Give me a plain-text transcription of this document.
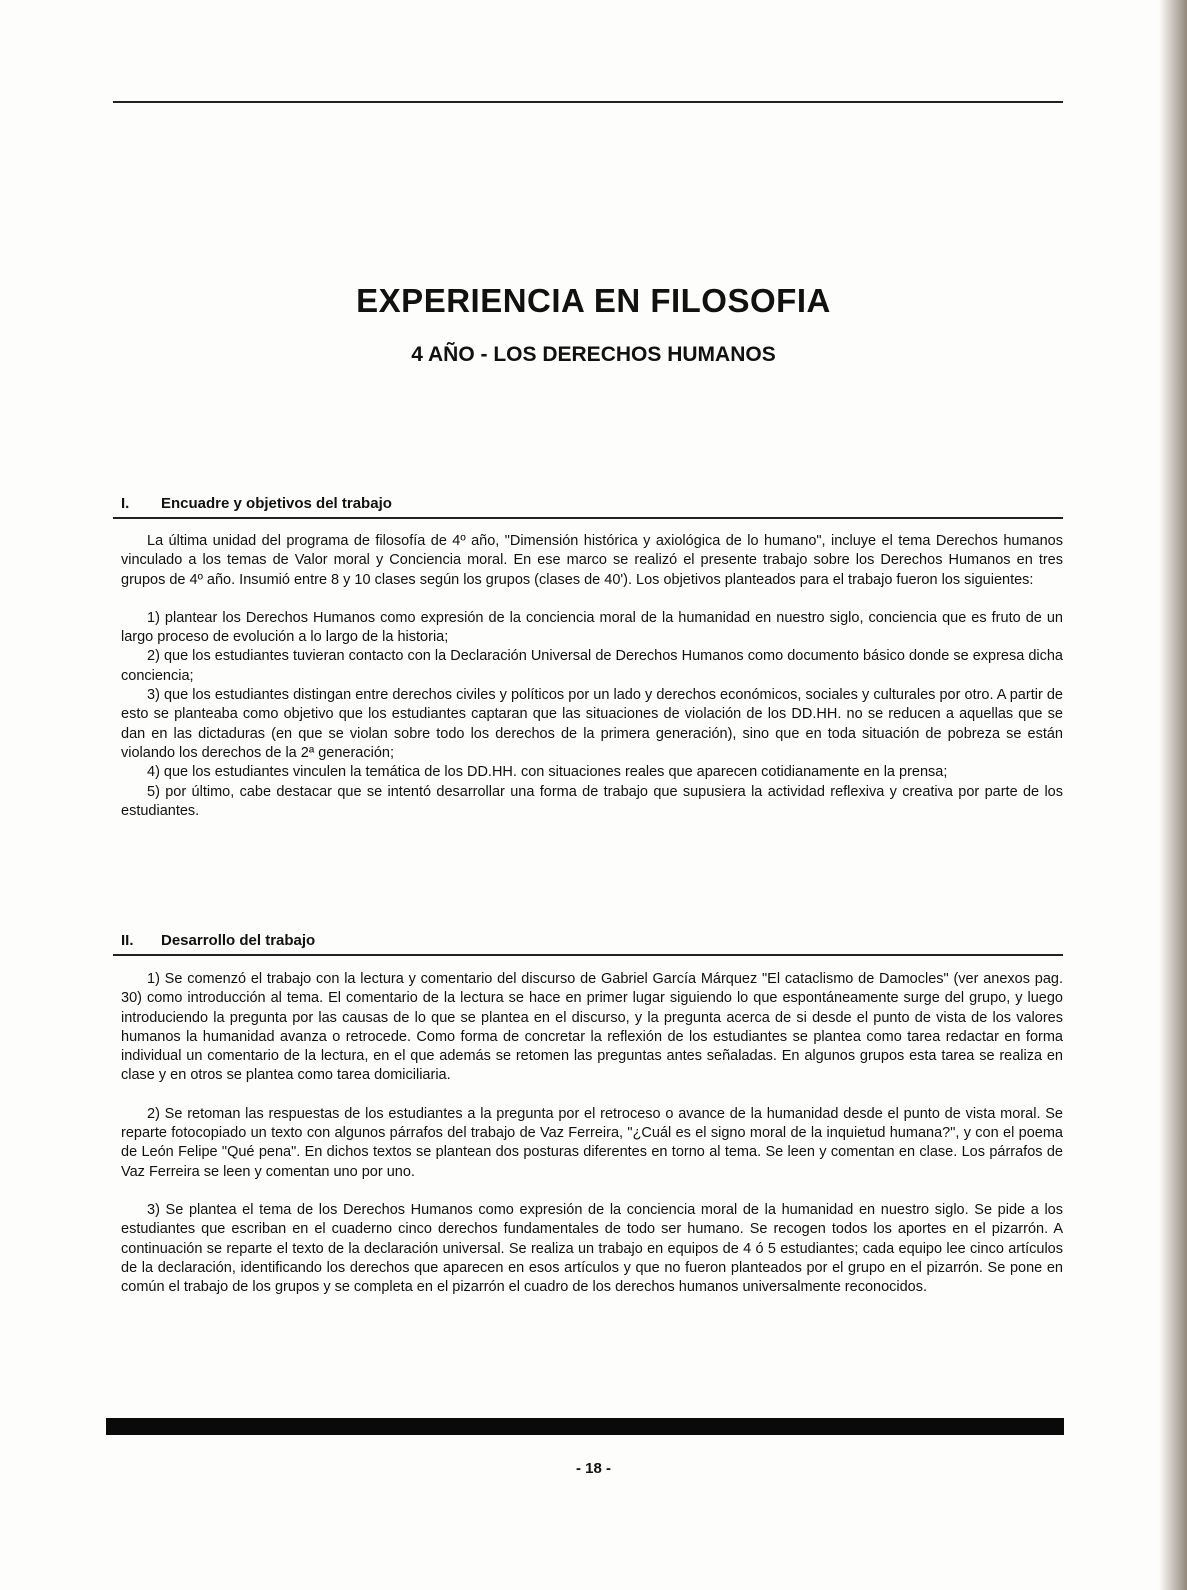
EXPERIENCIA EN FILOSOFIA
4 AÑO - LOS DERECHOS HUMANOS
I. Encuadre y objetivos del trabajo

La última unidad del programa de filosofía de 4º año, "Dimensión histórica y axiológica de lo humano", incluye el tema Derechos humanos vinculado a los temas de Valor moral y Conciencia moral. En ese marco se realizó el presente trabajo sobre los Derechos Humanos en tres grupos de 4º año. Insumió entre 8 y 10 clases según los grupos (clases de 40'). Los objetivos planteados para el trabajo fueron los siguientes:

1) plantear los Derechos Humanos como expresión de la conciencia moral de la humanidad en nuestro siglo, conciencia que es fruto de un largo proceso de evolución a lo largo de la historia;

2) que los estudiantes tuvieran contacto con la Declaración Universal de Derechos Humanos como documento básico donde se expresa dicha conciencia;

3) que los estudiantes distingan entre derechos civiles y políticos por un lado y derechos económicos, sociales y culturales por otro. A partir de esto se planteaba como objetivo que los estudiantes captaran que las situaciones de violación de los DD.HH. no se reducen a aquellas que se dan en las dictaduras (en que se violan sobre todo los derechos de la primera generación), sino que en toda situación de pobreza se están violando los derechos de la 2ª generación;

4) que los estudiantes vinculen la temática de los DD.HH. con situaciones reales que aparecen cotidianamente en la prensa;

5) por último, cabe destacar que se intentó desarrollar una forma de trabajo que supusiera la actividad reflexiva y creativa por parte de los estudiantes.

II. Desarrollo del trabajo

1) Se comenzó el trabajo con la lectura y comentario del discurso de Gabriel García Márquez "El cataclismo de Damocles" (ver anexos pag. 30) como introducción al tema. El comentario de la lectura se hace en primer lugar siguiendo lo que espontáneamente surge del grupo, y luego introduciendo la pregunta por las causas de lo que se plantea en el discurso, y la pregunta acerca de si desde el punto de vista de los valores humanos la humanidad avanza o retrocede. Como forma de concretar la reflexión de los estudiantes se plantea como tarea redactar en forma individual un comentario de la lectura, en el que además se retomen las preguntas antes señaladas. En algunos grupos esta tarea se realiza en clase y en otros se plantea como tarea domiciliaria.

2) Se retoman las respuestas de los estudiantes a la pregunta por el retroceso o avance de la humanidad desde el punto de vista moral. Se reparte fotocopiado un texto con algunos párrafos del trabajo de Vaz Ferreira, "¿Cuál es el signo moral de la inquietud humana?", y con el poema de León Felipe "Qué pena". En dichos textos se plantean dos posturas diferentes en torno al tema. Se leen y comentan en clase. Los párrafos de Vaz Ferreira se leen y comentan uno por uno.

3) Se plantea el tema de los Derechos Humanos como expresión de la conciencia moral de la humanidad en nuestro siglo. Se pide a los estudiantes que escriban en el cuaderno cinco derechos fundamentales de todo ser humano. Se recogen todos los aportes en el pizarrón. A continuación se reparte el texto de la declaración universal. Se realiza un trabajo en equipos de 4 ó 5 estudiantes; cada equipo lee cinco artículos de la declaración, identificando los derechos que aparecen en esos artículos y que no fueron planteados por el grupo en el pizarrón. Se pone en común el trabajo de los grupos y se completa en el pizarrón el cuadro de los derechos humanos universalmente reconocidos.

- 18 -
